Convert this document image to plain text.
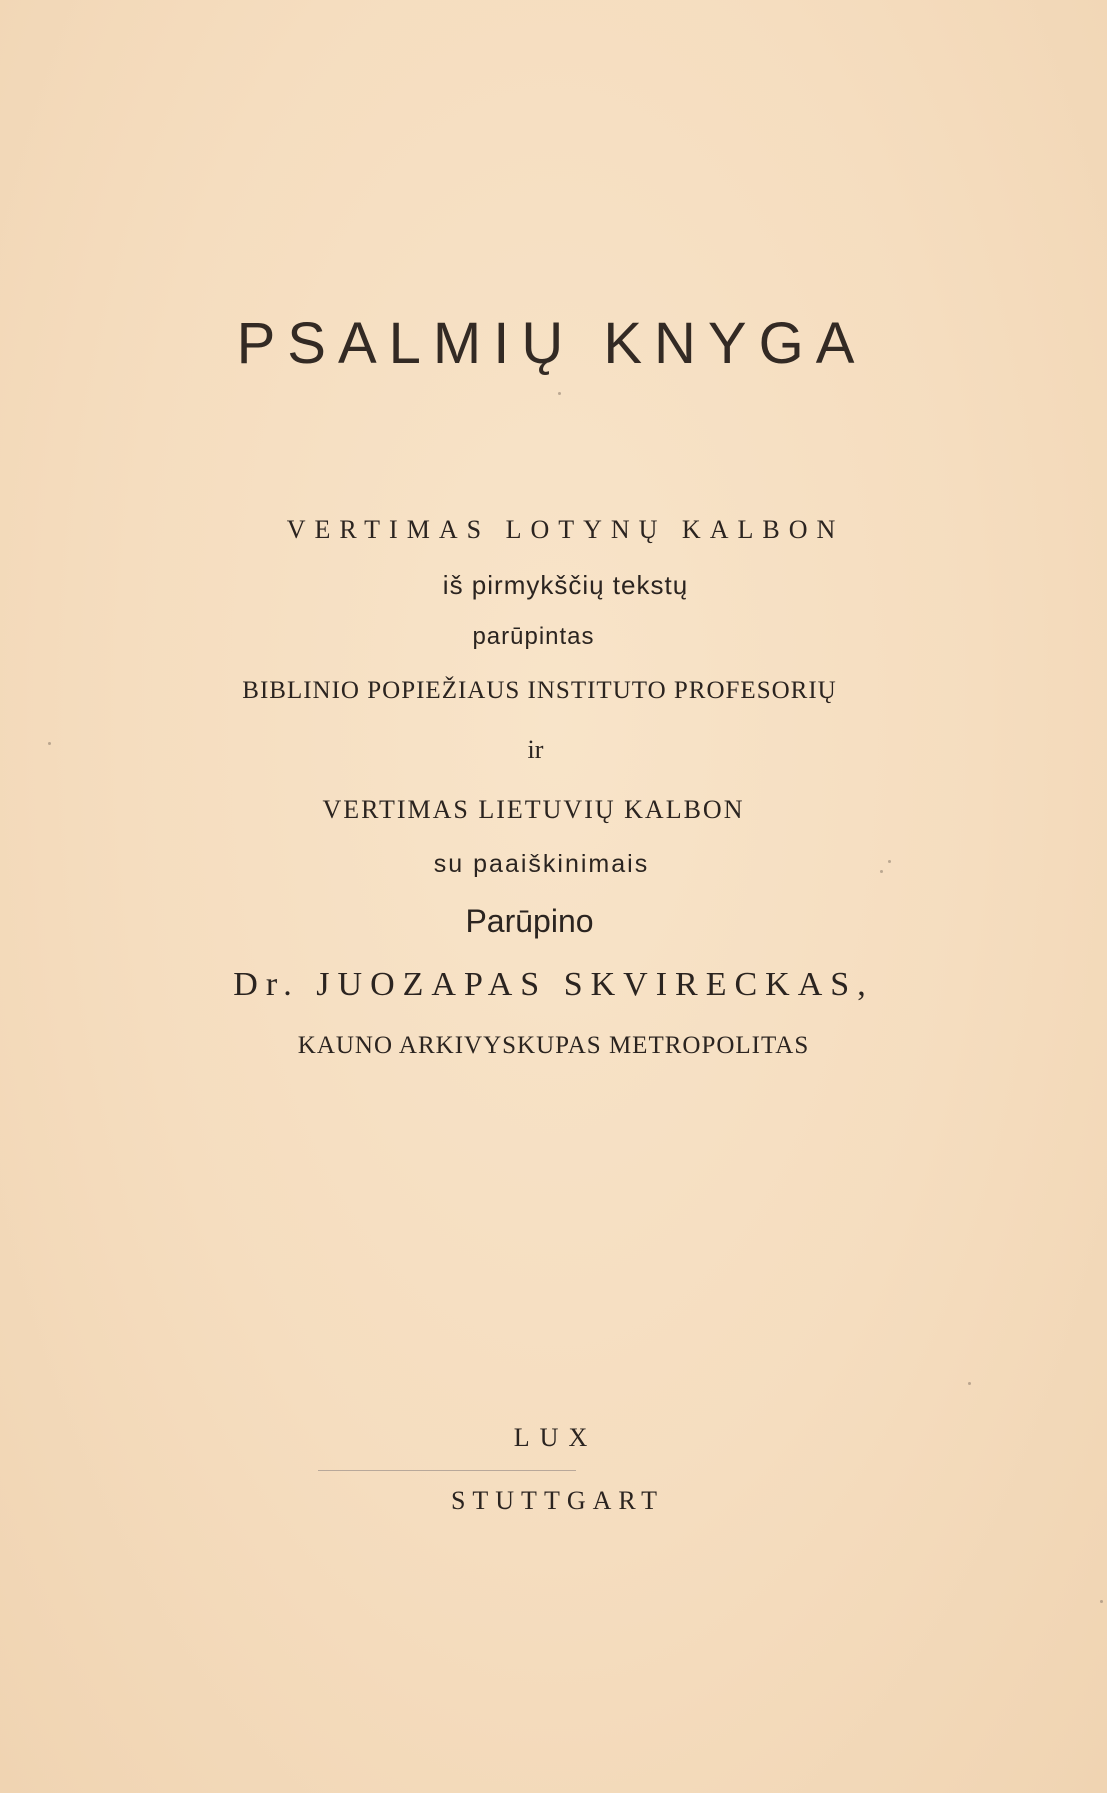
PSALMIŲ KNYGA
VERTIMAS LOTYNŲ KALBON
iš pirmykščių tekstų
parūpintas
BIBLINIO POPIEŽIAUS INSTITUTO PROFESORIŲ
ir
VERTIMAS LIETUVIŲ KALBON
su paaiškinimais
Parūpino
Dr. JUOZAPAS SKVIRECKAS,
KAUNO ARKIVYSKUPAS METROPOLITAS
LUX
STUTTGART
